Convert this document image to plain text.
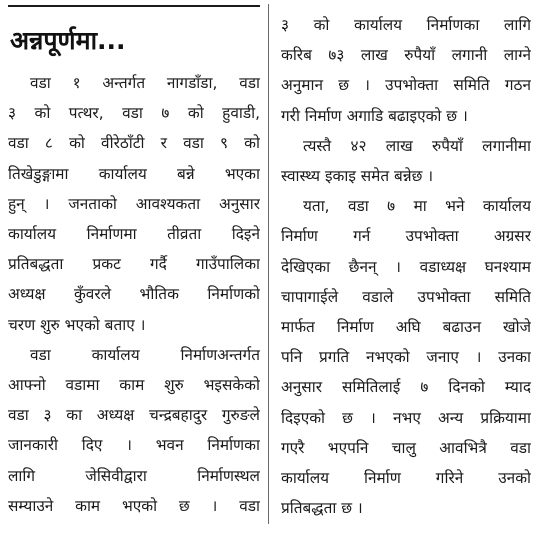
अन्नपूर्णमा...
वडा १ अन्तर्गत नागडाँडा, वडा
३ को पत्थर, वडा ७ को हुवाडी,
वडा ८ को वीरेठाँटी र वडा ९ को
तिखेडुङ्गामा कार्यालय बन्ने भएका
हुन् । जनताको आवश्यकता अनुसार
कार्यालय निर्माणमा तीव्रता दिइने
प्रतिबद्धता प्रकट गर्दै गाउँपालिका
अध्यक्ष कुँवरले भौतिक निर्माणको
चरण शुरु भएको बताए ।
वडा कार्यालय निर्माणअन्तर्गत
आफ्नो वडामा काम शुरु भइसकेको
वडा ३ का अध्यक्ष चन्द्रबहादुर गुरुङले
जानकारी दिए । भवन निर्माणका
लागि जेसिवीद्वारा निर्माणस्थल
सम्याउने काम भएको छ । वडा
३ को कार्यालय निर्माणका लागि
करिब ७३ लाख रुपैयाँ लगानी लाग्ने
अनुमान छ । उपभोक्ता समिति गठन
गरी निर्माण अगाडि बढाइएको छ ।
त्यस्तै ४२ लाख रुपैयाँ लगानीमा
स्वास्थ्य इकाइ समेत बन्नेछ ।
यता, वडा ७ मा भने कार्यालय
निर्माण गर्न उपभोक्ता अग्रसर
देखिएका छैनन् । वडाध्यक्ष घनश्याम
चापागाईले वडाले उपभोक्ता समिति
मार्फत निर्माण अघि बढाउन खोजे
पनि प्रगति नभएको जनाए । उनका
अनुसार समितिलाई ७ दिनको म्याद
दिइएको छ । नभए अन्य प्रक्रियामा
गएरै भएपनि चालु आवभित्रै वडा
कार्यालय निर्माण गरिने उनको
प्रतिबद्धता छ ।
